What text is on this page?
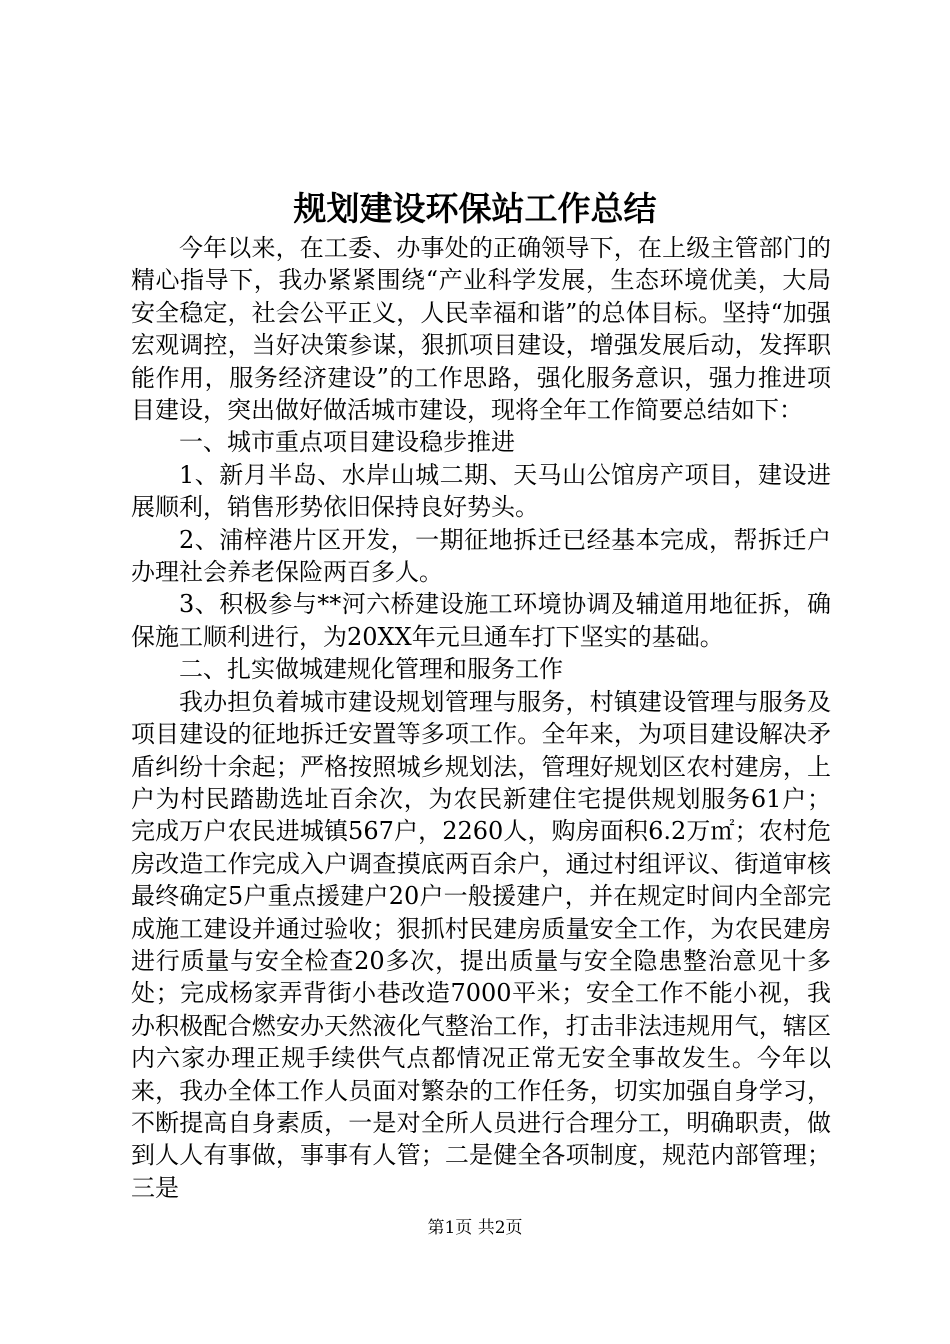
规划建设环保站工作总结

今年以来，在工委、办事处的正确领导下，在上级主管部门的精心指导下，我办紧紧围绕“产业科学发展，生态环境优美，大局安全稳定，社会公平正义，人民幸福和谐”的总体目标。坚持“加强宏观调控，当好决策参谋，狠抓项目建设，增强发展后动，发挥职能作用，服务经济建设”的工作思路，强化服务意识，强力推进项目建设，突出做好做活城市建设，现将全年工作简要总结如下：

一、城市重点项目建设稳步推进

1、新月半岛、水岸山城二期、天马山公馆房产项目，建设进展顺利，销售形势依旧保持良好势头。

2、浦梓港片区开发，一期征地拆迁已经基本完成，帮拆迁户办理社会养老保险两百多人。

3、积极参与**河六桥建设施工环境协调及辅道用地征拆，确保施工顺利进行，为20XX年元旦通车打下坚实的基础。

二、扎实做城建规化管理和服务工作

我办担负着城市建设规划管理与服务，村镇建设管理与服务及项目建设的征地拆迁安置等多项工作。全年来，为项目建设解决矛盾纠纷十余起；严格按照城乡规划法，管理好规划区农村建房，上户为村民踏勘选址百余次，为农民新建住宅提供规划服务61户；完成万户农民进城镇567户，2260人，购房面积6.2万㎡；农村危房改造工作完成入户调查摸底两百余户，通过村组评议、街道审核最终确定5户重点援建户20户一般援建户，并在规定时间内全部完成施工建设并通过验收；狠抓村民建房质量安全工作，为农民建房进行质量与安全检查20多次，提出质量与安全隐患整治意见十多处；完成杨家弄背街小巷改造7000平米；安全工作不能小视，我办积极配合燃安办天然液化气整治工作，打击非法违规用气，辖区内六家办理正规手续供气点都情况正常无安全事故发生。今年以来，我办全体工作人员面对繁杂的工作任务，切实加强自身学习，不断提高自身素质，一是对全所人员进行合理分工，明确职责，做到人人有事做，事事有人管；二是健全各项制度，规范内部管理；三是

第1页 共2页
